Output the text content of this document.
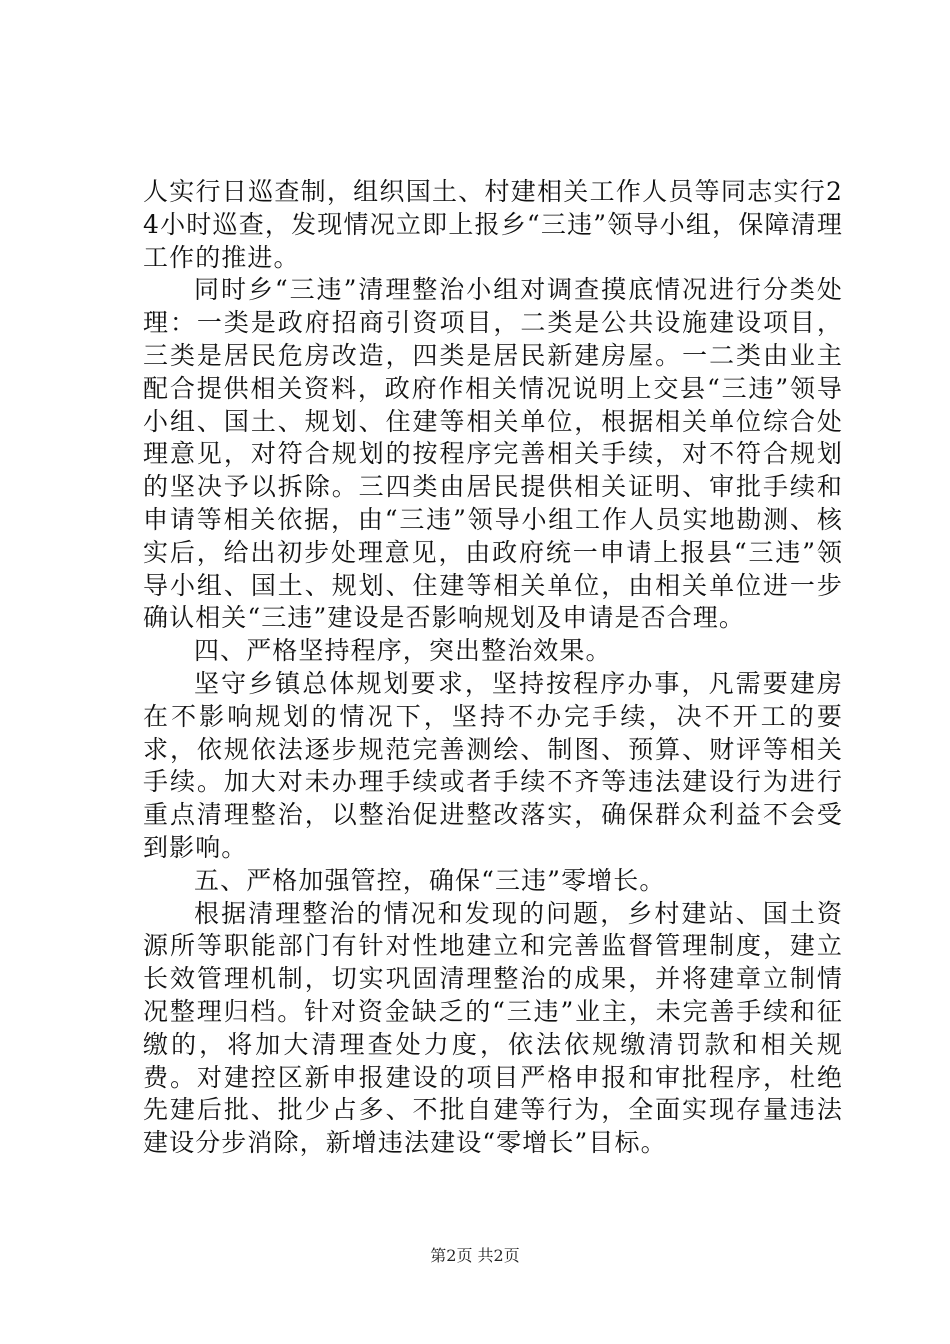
人实行日巡查制，组织国土、村建相关工作人员等同志实行24小时巡查，发现情况立即上报乡“三违”领导小组，保障清理工作的推进。

同时乡“三违”清理整治小组对调查摸底情况进行分类处理：一类是政府招商引资项目，二类是公共设施建设项目，三类是居民危房改造，四类是居民新建房屋。一二类由业主配合提供相关资料，政府作相关情况说明上交县“三违”领导小组、国土、规划、住建等相关单位，根据相关单位综合处理意见，对符合规划的按程序完善相关手续，对不符合规划的坚决予以拆除。三四类由居民提供相关证明、审批手续和申请等相关依据，由“三违”领导小组工作人员实地勘测、核实后，给出初步处理意见，由政府统一申请上报县“三违”领导小组、国土、规划、住建等相关单位，由相关单位进一步确认相关“三违”建设是否影响规划及申请是否合理。

四、严格坚持程序，突出整治效果。

坚守乡镇总体规划要求，坚持按程序办事，凡需要建房在不影响规划的情况下，坚持不办完手续，决不开工的要求，依规依法逐步规范完善测绘、制图、预算、财评等相关手续。加大对未办理手续或者手续不齐等违法建设行为进行重点清理整治，以整治促进整改落实，确保群众利益不会受到影响。

五、严格加强管控，确保“三违”零增长。

根据清理整治的情况和发现的问题，乡村建站、国土资源所等职能部门有针对性地建立和完善监督管理制度，建立长效管理机制，切实巩固清理整治的成果，并将建章立制情况整理归档。针对资金缺乏的“三违”业主，未完善手续和征缴的，将加大清理查处力度，依法依规缴清罚款和相关规费。对建控区新申报建设的项目严格申报和审批程序，杜绝先建后批、批少占多、不批自建等行为，全面实现存量违法建设分步消除，新增违法建设“零增长”目标。

第2页 共2页
